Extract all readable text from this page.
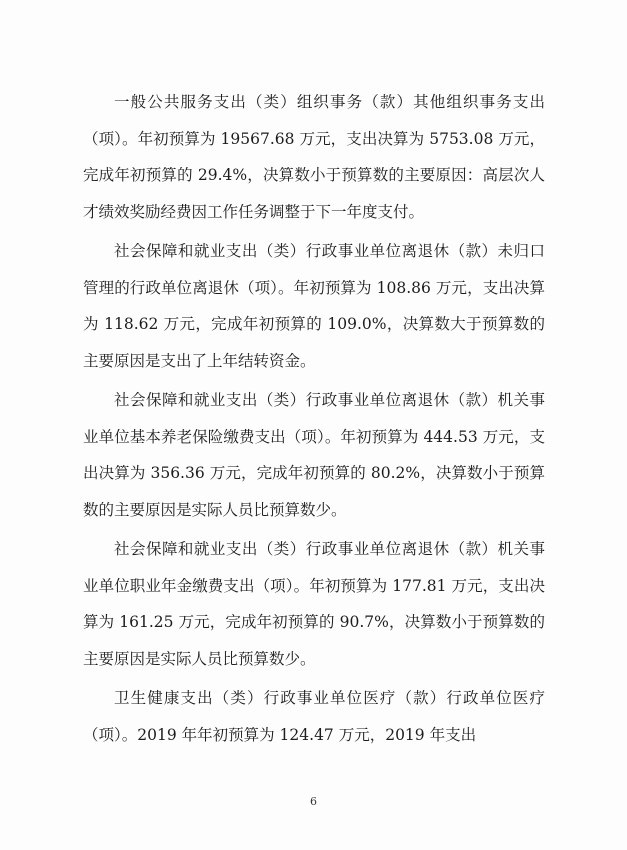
一般公共服务支出（类）组织事务（款）其他组织事务支出（项）。年初预算为 19567.68 万元，支出决算为 5753.08 万元，完成年初预算的 29.4%，决算数小于预算数的主要原因：高层次人才绩效奖励经费因工作任务调整于下一年度支付。

社会保障和就业支出（类）行政事业单位离退休（款）未归口管理的行政单位离退休（项）。年初预算为 108.86 万元，支出决算为 118.62 万元，完成年初预算的 109.0%，决算数大于预算数的主要原因是支出了上年结转资金。

社会保障和就业支出（类）行政事业单位离退休（款）机关事业单位基本养老保险缴费支出（项）。年初预算为 444.53 万元，支出决算为 356.36 万元，完成年初预算的 80.2%，决算数小于预算数的主要原因是实际人员比预算数少。

社会保障和就业支出（类）行政事业单位离退休（款）机关事业单位职业年金缴费支出（项）。年初预算为 177.81 万元，支出决算为 161.25 万元，完成年初预算的 90.7%，决算数小于预算数的主要原因是实际人员比预算数少。

卫生健康支出（类）行政事业单位医疗（款）行政单位医疗（项）。2019 年年初预算为 124.47 万元，2019 年支出

6
